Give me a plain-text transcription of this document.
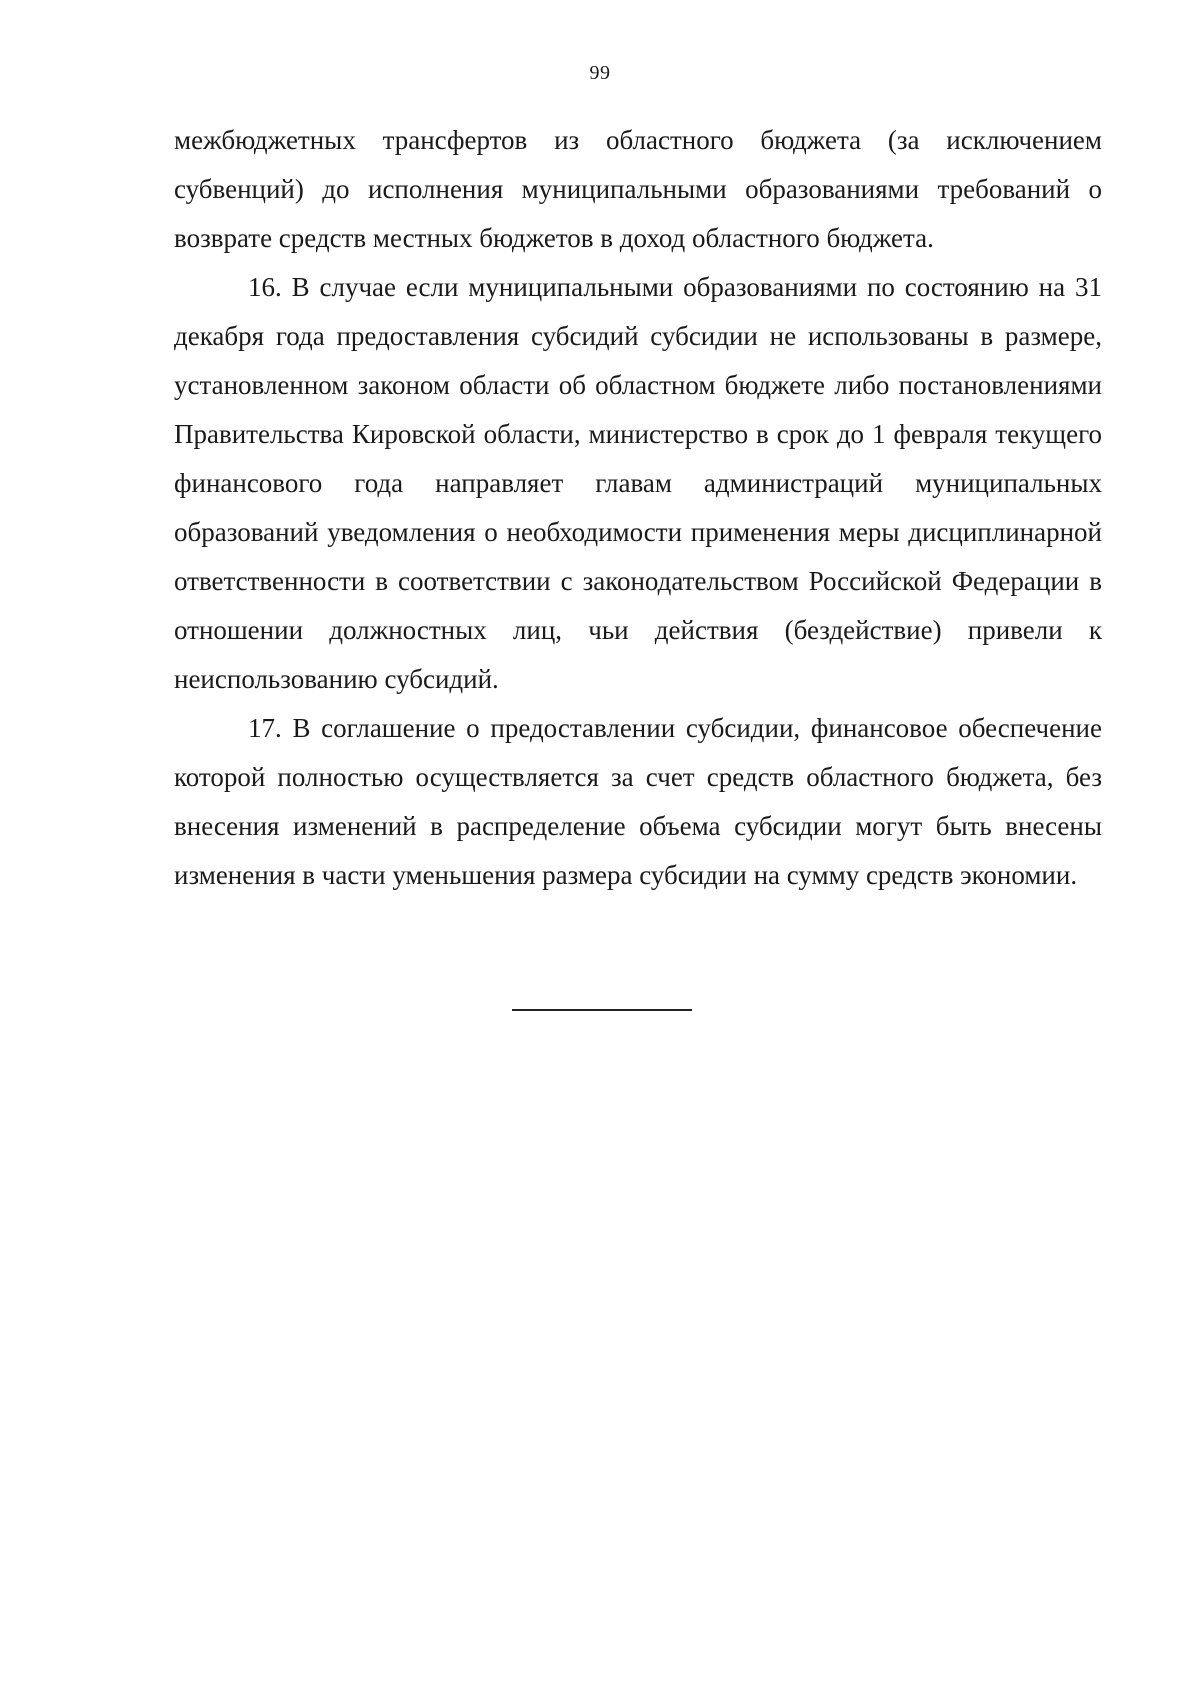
99

межбюджетных трансфертов из областного бюджета (за исключением субвенций) до исполнения муниципальными образованиями требований о возврате средств местных бюджетов в доход областного бюджета.

16. В случае если муниципальными образованиями по состоянию на 31 декабря года предоставления субсидий субсидии не использованы в размере, установленном законом области об областном бюджете либо постановлениями Правительства Кировской области, министерство в срок до 1 февраля текущего финансового года направляет главам администраций муниципальных образований уведомления о необходимости применения меры дисциплинарной ответственности в соответствии с законодательством Российской Федерации в отношении должностных лиц, чьи действия (бездействие) привели к неиспользованию субсидий.

17. В соглашение о предоставлении субсидии, финансовое обеспечение которой полностью осуществляется за счет средств областного бюджета, без внесения изменений в распределение объема субсидии могут быть внесены изменения в части уменьшения размера субсидии на сумму средств экономии.
